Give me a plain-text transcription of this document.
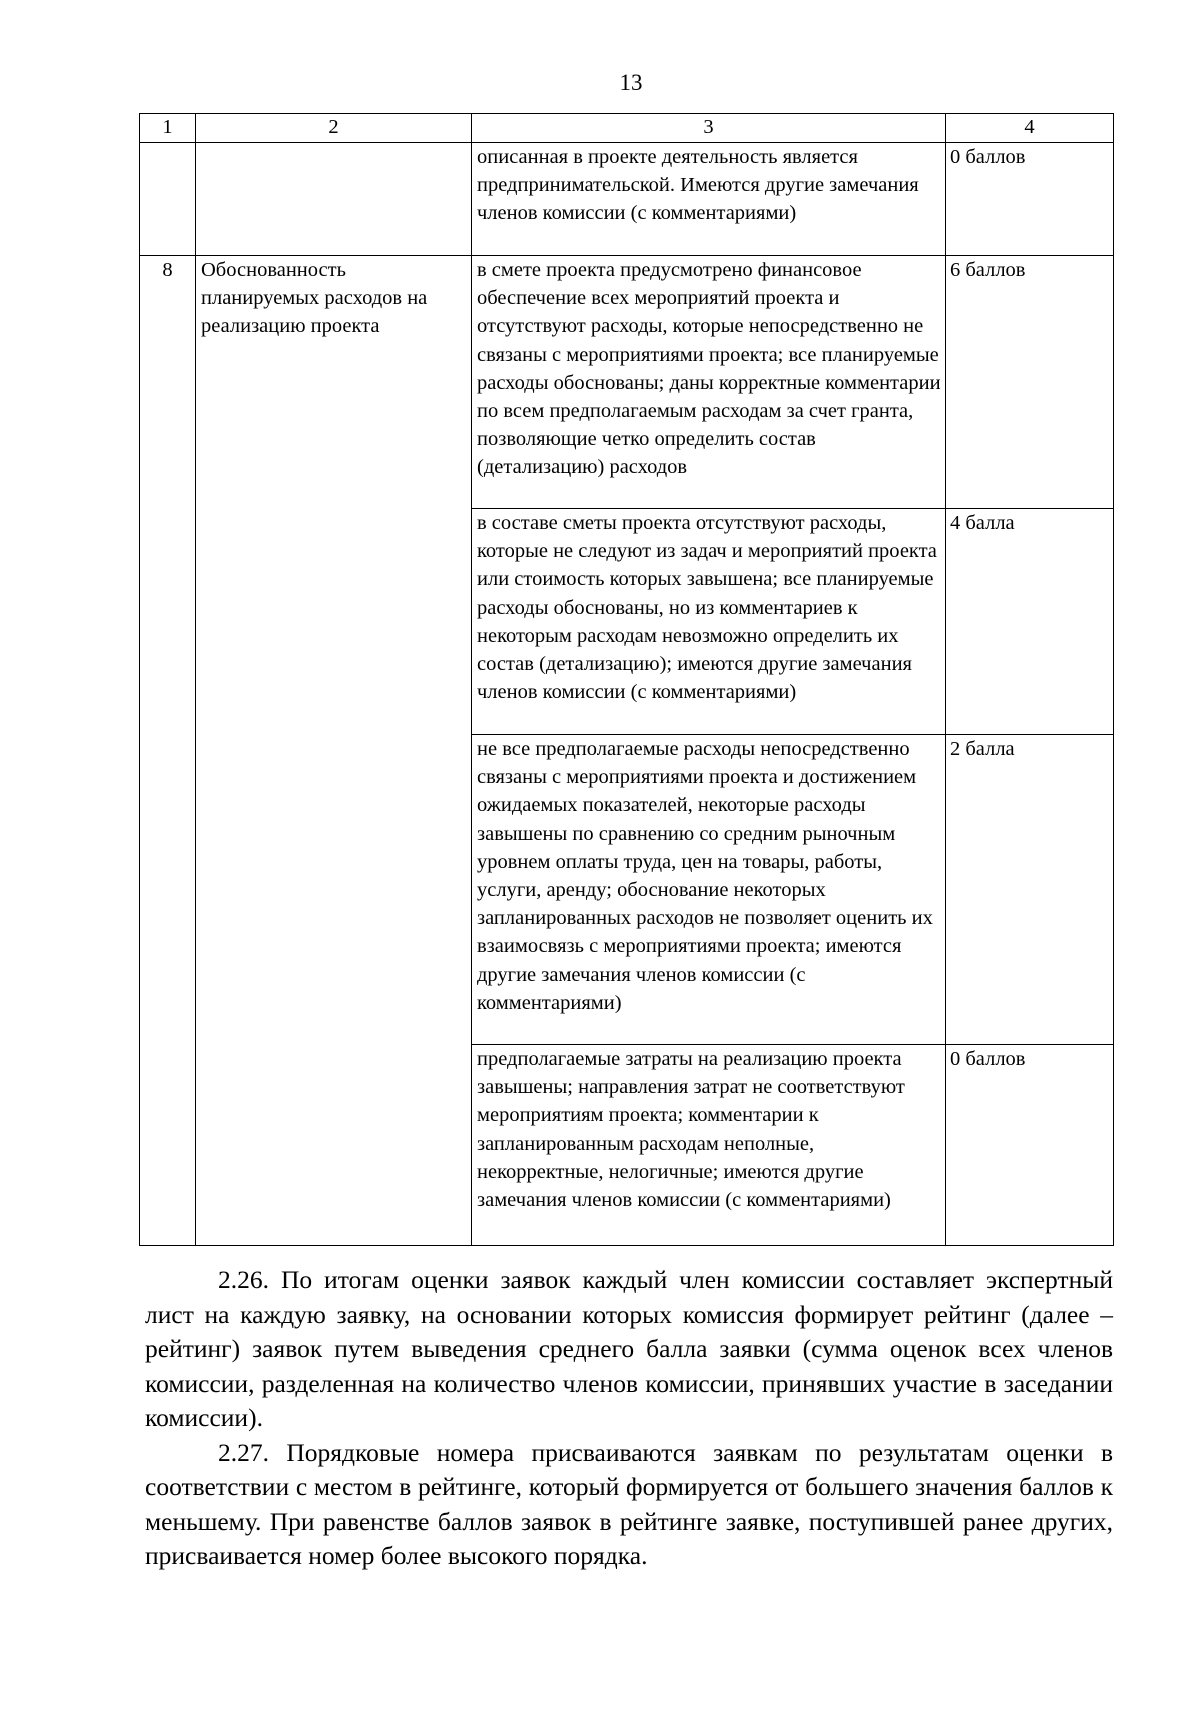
13
1	2	3	4
		описанная в проекте деятельность является предпринимательской. Имеются другие замечания членов комиссии (с комментариями)	0 баллов
8	Обоснованность планируемых расходов на реализацию проекта	в смете проекта предусмотрено финансовое обеспечение всех мероприятий проекта и отсутствуют расходы, которые непосредственно не связаны с мероприятиями проекта; все планируемые расходы обоснованы; даны корректные комментарии по всем предполагаемым расходам за счет гранта, позволяющие четко определить состав (детализацию) расходов	6 баллов
		в составе сметы проекта отсутствуют расходы, которые не следуют из задач и мероприятий проекта или стоимость которых завышена; все планируемые расходы обоснованы, но из комментариев к некоторым расходам невозможно определить их состав (детализацию); имеются другие замечания членов комиссии (с комментариями)	4 балла
		не все предполагаемые расходы непосредственно связаны с мероприятиями проекта и достижением ожидаемых показателей, некоторые расходы завышены по сравнению со средним рыночным уровнем оплаты труда, цен на товары, работы, услуги, аренду; обоснование некоторых запланированных расходов не позволяет оценить их взаимосвязь с мероприятиями проекта; имеются другие замечания членов комиссии (с комментариями)	2 балла
		предполагаемые затраты на реализацию проекта завышены; направления затрат не соответствуют мероприятиям проекта; комментарии к запланированным расходам неполные, некорректные, нелогичные; имеются другие замечания членов комиссии (с комментариями)	0 баллов

2.26. По итогам оценки заявок каждый член комиссии составляет экспертный лист на каждую заявку, на основании которых комиссия формирует рейтинг (далее – рейтинг) заявок путем выведения среднего балла заявки (сумма оценок всех членов комиссии, разделенная на количество членов комиссии, принявших участие в заседании комиссии).

2.27. Порядковые номера присваиваются заявкам по результатам оценки в соответствии с местом в рейтинге, который формируется от большего значения баллов к меньшему. При равенстве баллов заявок в рейтинге заявке, поступившей ранее других, присваивается номер более высокого порядка.
